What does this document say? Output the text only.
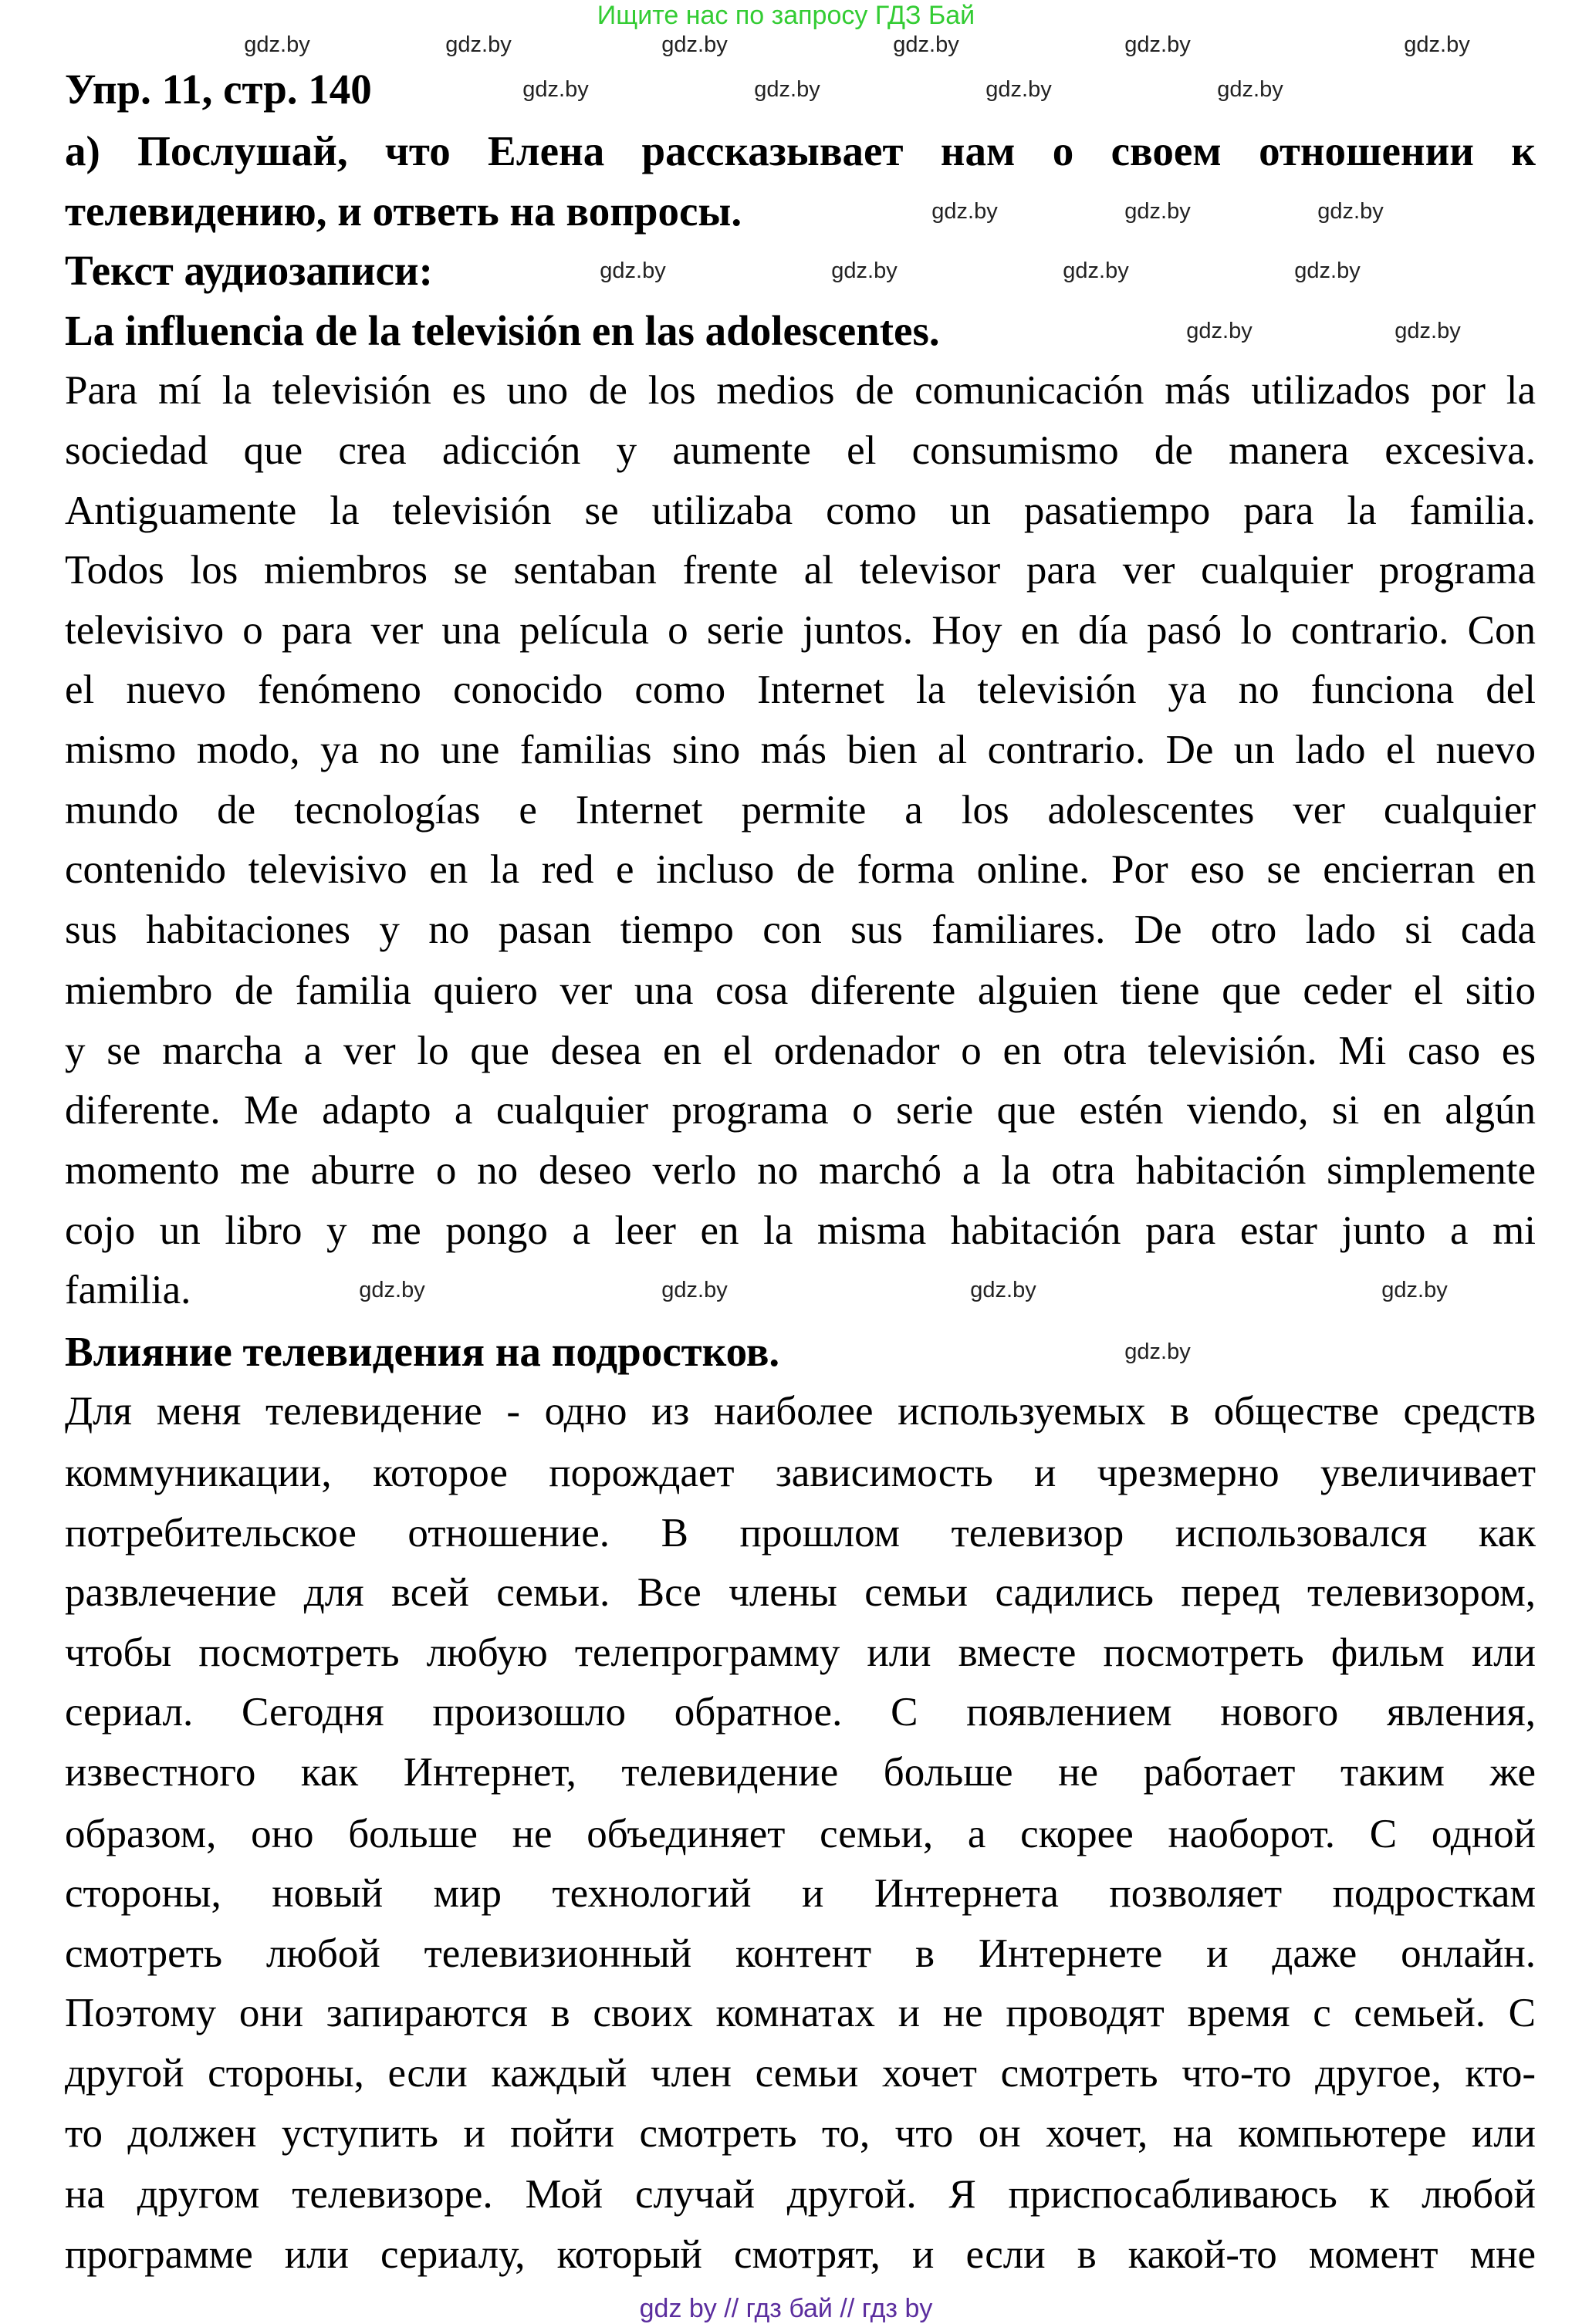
Ищите нас по запросу ГДЗ Бай
Упр. 11, стр. 140
а) Послушай, что Елена рассказывает нам о своем отношении к
телевидению, и ответь на вопросы.
Текст аудиозаписи:
La influencia de la televisión en las adolescentes.
Para mí la televisión es uno de los medios de comunicación más utilizados por la
sociedad que crea adicción y aumente el consumismo de manera excesiva.
Antiguamente la televisión se utilizaba como un pasatiempo para la familia.
Todos los miembros se sentaban frente al televisor para ver cualquier programa
televisivo o para ver una película o serie juntos. Hoy en día pasó lo contrario. Con
el nuevo fenómeno conocido como Internet la televisión ya no funciona del
mismo modo, ya no une familias sino más bien al contrario. De un lado el nuevo
mundo de tecnologías e Internet permite a los adolescentes ver cualquier
contenido televisivo en la red e incluso de forma online. Por eso se encierran en
sus habitaciones y no pasan tiempo con sus familiares. De otro lado si cada
miembro de familia quiero ver una cosa diferente alguien tiene que ceder el sitio
y se marcha a ver lo que desea en el ordenador o en otra televisión. Mi caso es
diferente. Me adapto a cualquier programa o serie que estén viendo, si en algún
momento me aburre o no deseo verlo no marchó a la otra habitación simplemente
cojo un libro y me pongo a leer en la misma habitación para estar junto a mi
familia.
Влияние телевидения на подростков.
Для меня телевидение - одно из наиболее используемых в обществе средств
коммуникации, которое порождает зависимость и чрезмерно увеличивает
потребительское отношение. В прошлом телевизор использовался как
развлечение для всей семьи. Все члены семьи садились перед телевизором,
чтобы посмотреть любую телепрограмму или вместе посмотреть фильм или
сериал. Сегодня произошло обратное. С появлением нового явления,
известного как Интернет, телевидение больше не работает таким же
образом, оно больше не объединяет семьи, а скорее наоборот. С одной
стороны, новый мир технологий и Интернета позволяет подросткам
смотреть любой телевизионный контент в Интернете и даже онлайн.
Поэтому они запираются в своих комнатах и не проводят время с семьей. С
другой стороны, если каждый член семьи хочет смотреть что-то другое, кто-
то должен уступить и пойти смотреть то, что он хочет, на компьютере или
на другом телевизоре. Мой случай другой. Я приспосабливаюсь к любой
программе или сериалу, который смотрят, и если в какой-то момент мне
gdz.by	gdz.by	gdz.by	gdz.by	gdz.by	gdz.by
gdz.by	gdz.by	gdz.by	gdz.by
gdz.by	gdz.by	gdz.by
gdz.by	gdz.by	gdz.by	gdz.by
gdz.by	gdz.by
gdz.by	gdz.by	gdz.by	gdz.by
gdz.by
gdz by // гдз бай // гдз by
